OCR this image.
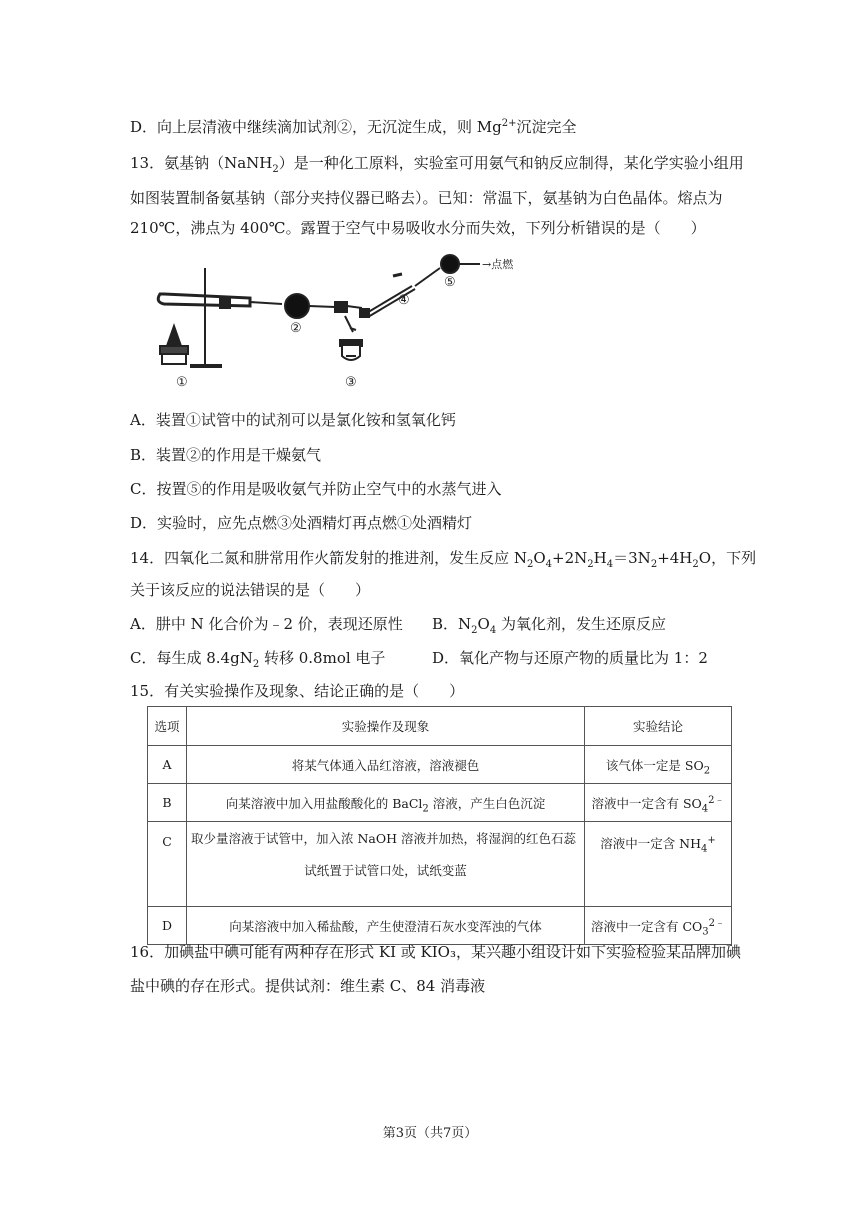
D．向上层清液中继续滴加试剂②，无沉淀生成，则 $Mg^{2+}$沉淀完全
13．氨基钠（NaNH$_2$）是一种化工原料，实验室可用氨气和钠反应制得，某化学实验小组用
如图装置制备氨基钠（部分夹持仪器已略去）。已知：常温下，氨基钠为白色晶体。熔点为
210℃，沸点为 400℃。露置于空气中易吸收水分而失效，下列分析错误的是（　　）
→点燃
①
②
③
④
⑤
A．装置①试管中的试剂可以是氯化铵和氢氧化钙
B．装置②的作用是干燥氨气
C．按置⑤的作用是吸收氨气并防止空气中的水蒸气进入
D．实验时，应先点燃③处酒精灯再点燃①处酒精灯
14．四氧化二氮和肼常用作火箭发射的推进剂，发生反应 $N_2O_4+2N_2H_4=3N_2+4H_2O$，下列
关于该反应的说法错误的是（　　）
A．肼中 N 化合价为﹣2 价，表现还原性 B．$N_2O_4$ 为氧化剂，发生还原反应
C．每生成 $8.4gN_2$ 转移 0.8mol 电子	D．氧化产物与还原产物的质量比为 1：2
15．有关实验操作及现象、结论正确的是（　　）
选项	实验操作及现象	实验结论
A	将某气体通入品红溶液，溶液褪色	该气体一定是 $SO_2$
B	向某溶液中加入用盐酸酸化的 BaCl$_2$ 溶液，产生白色沉淀	溶液中一定含有 $SO_4^{2﹣}$
C	取少量溶液于试管中，加入浓 NaOH 溶液并加热，将湿润的红色石蕊
试纸置于试管口处，试纸变蓝	溶液中一定含 $NH_4^+$
D	向某溶液中加入稀盐酸，产生使澄清石灰水变浑浊的气体	溶液中一定含有 $CO_3^{2﹣}$
16．加碘盐中碘可能有两种存在形式 KI 或 KIO₃，某兴趣小组设计如下实验检验某品牌加碘
盐中碘的存在形式。提供试剂：维生素 C、84 消毒液
第3页（共7页）
